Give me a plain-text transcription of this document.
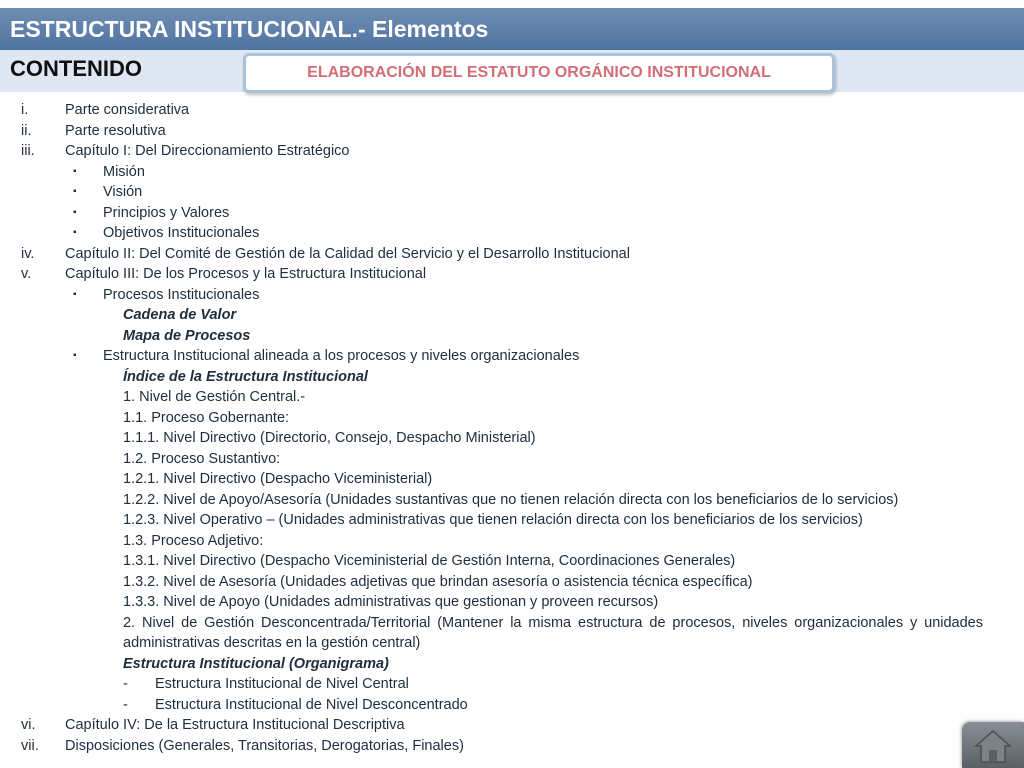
ESTRUCTURA INSTITUCIONAL.- Elementos
CONTENIDO	ELABORACIÓN DEL ESTATUTO ORGÁNICO INSTITUCIONAL
i.	Parte considerativa
ii. Parte resolutiva
iii. Capítulo I: Del Direccionamiento Estratégico
▪ Misión
▪ Visión
▪ Principios y Valores
▪ Objetivos Institucionales
iv. Capítulo II: Del Comité de Gestión de la Calidad del Servicio y el Desarrollo Institucional
v. Capítulo III: De los Procesos y la Estructura Institucional
▪ Procesos Institucionales
Cadena de Valor
Mapa de Procesos
▪ Estructura Institucional alineada a los procesos y niveles organizacionales
Índice de la Estructura Institucional
1. Nivel de Gestión Central.-
1.1. Proceso Gobernante:
1.1.1. Nivel Directivo (Directorio, Consejo, Despacho Ministerial)
1.2. Proceso Sustantivo:
1.2.1. Nivel Directivo (Despacho Viceministerial)
1.2.2. Nivel de Apoyo/Asesoría (Unidades sustantivas que no tienen relación directa con los beneficiarios de lo servicios)
1.2.3. Nivel Operativo – (Unidades administrativas que tienen relación directa con los beneficiarios de los servicios)
1.3. Proceso Adjetivo:
1.3.1. Nivel Directivo (Despacho Viceministerial de Gestión Interna, Coordinaciones Generales)
1.3.2. Nivel de Asesoría (Unidades adjetivas que brindan asesoría o asistencia técnica específica)
1.3.3. Nivel de Apoyo (Unidades administrativas que gestionan y proveen recursos)
2. Nivel de Gestión Desconcentrada/Territorial (Mantener la misma estructura de procesos, niveles organizacionales y unidades administrativas descritas en la gestión central)
Estructura Institucional (Organigrama)
- Estructura Institucional de Nivel Central
- Estructura Institucional de Nivel Desconcentrado
vi. Capítulo IV: De la Estructura Institucional Descriptiva
vii. Disposiciones (Generales, Transitorias, Derogatorias, Finales)
